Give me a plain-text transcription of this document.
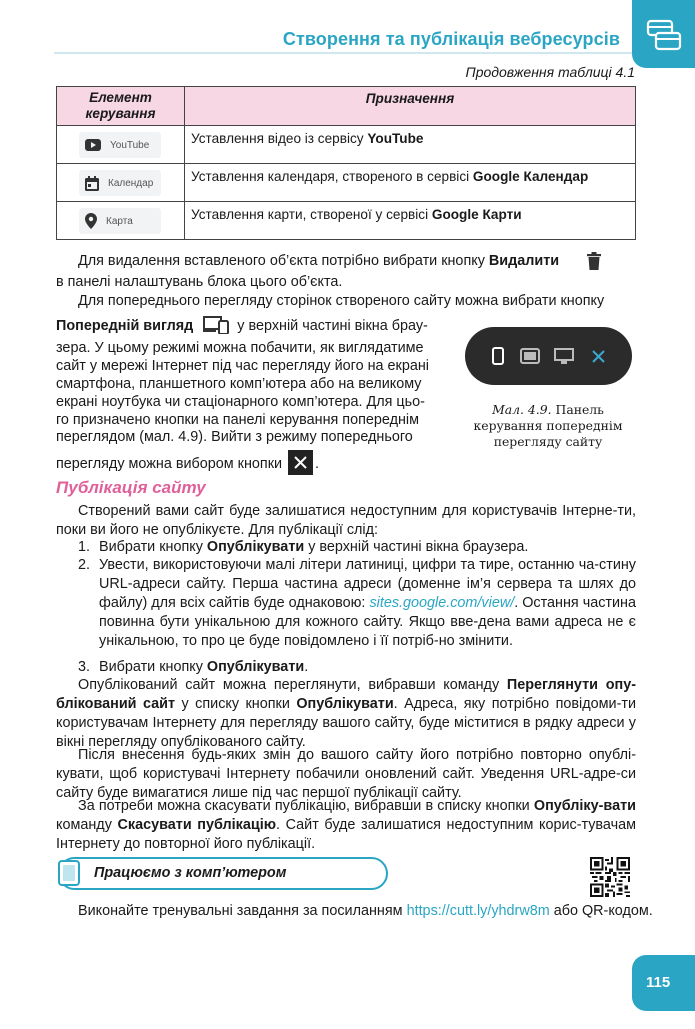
Створення та публікація вебресурсів
Продовження таблиці 4.1
Елемент
керування	Призначення

YouTube	Уставлення відео із сервісу YouTube

Календар	Уставлення календаря, створеного в сервісі Google Календар

Карта	Уставлення карти, створеної у сервісі Google Карти
Для видалення вставленого об’єкта потрібно вибрати кнопку Видалити
в панелі налаштувань блока цього об’єкта.
Для попереднього перегляду сторінок створеного сайту можна вибрати кнопку
Попередній вигляд	у верхній частині вікна брау-
зера. У цьому режимі можна побачити, як виглядатиме
сайт у мережі Інтернет під час перегляду його на екрані
смартфона, планшетного комп’ютера або на великому
екрані ноутбука чи стаціонарного комп’ютера. Для цьо-
го призначено кнопки на панелі керування попереднім
переглядом (мал. 4.9). Вийти з режиму попереднього
перегляду можна вибором кнопки .
Мал. 4.9. Панель
керування попереднім
перегляду сайту
Публікація сайту
Створений вами сайт буде залишатися недоступним для користувачів Інтерне-ти, поки ви його не опублікуєте. Для публікації слід:
1. Вибрати кнопку Опублікувати у верхній частині вікна браузера.
2. Увести, використовуючи малі літери латиниці, цифри та тире, останню ча-стину URL-адреси сайту. Перша частина адреси (доменне ім’я сервера та шлях до файлу) для всіх сайтів буде однаковою: sites.google.com/view/. Остання частина повинна бути унікальною для кожного сайту. Якщо вве-дена вами адреса не є унікальною, то про це буде повідомлено і її потріб-но змінити.
3. Вибрати кнопку Опублікувати.
Опублікований сайт можна переглянути, вибравши команду Переглянути опу-блікований сайт у списку кнопки Опублікувати. Адреса, яку потрібно повідоми-ти користувачам Інтернету для перегляду вашого сайту, буде міститися в рядку адреси у вікні перегляду опублікованого сайту.
Після внесення будь-яких змін до вашого сайту його потрібно повторно опублі-кувати, щоб користувачі Інтернету побачили оновлений сайт. Уведення URL-адре-си сайту буде вимагатися лише під час першої публікації сайту.
За потреби можна скасувати публікацію, вибравши в списку кнопки Опубліку-вати команду Скасувати публікацію. Сайт буде залишатися недоступним корис-тувачам Інтернету до повторної його публікації.
Працюємо з комп’ютером
Виконайте тренувальні завдання за посиланням https://cutt.ly/yhdrw8m або QR-кодом.
115
